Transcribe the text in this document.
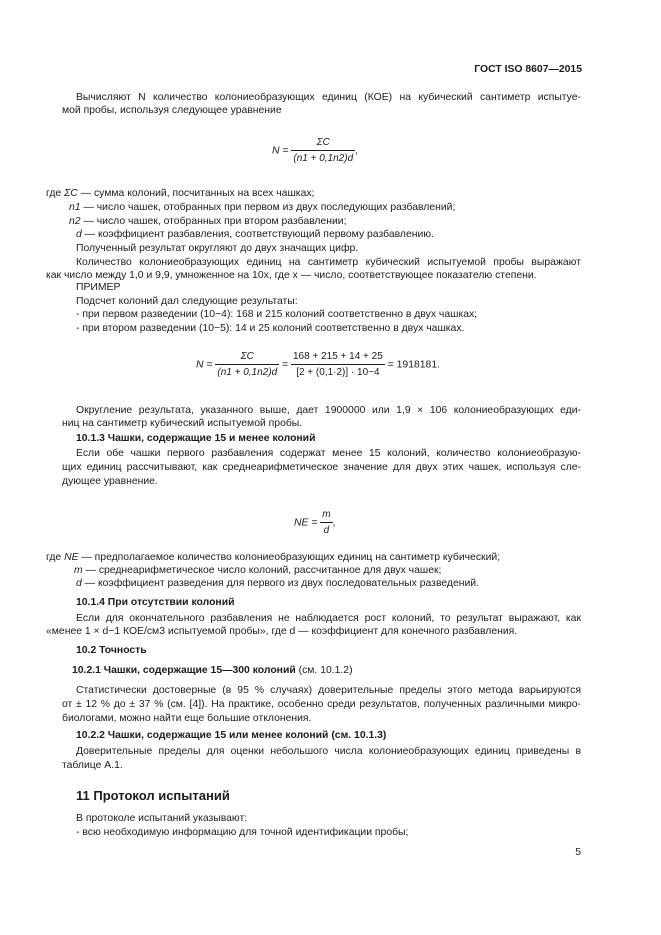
ГОСТ ISO 8607—2015
Вычисляют N количество колониеобразующих единиц (КОЕ) на кубический сантиметр испытуе-
мой пробы, используя следующее уравнение
$N = \frac{\Sigma C}{(n1 + 0,1n2)d}$ ,
где ΣC — сумма колоний, посчитанных на всех чашках;
n1 — число чашек, отобранных при первом из двух последующих разбавлений;
n2 — число чашек, отобранных при втором разбавлении;
d — коэффициент разбавления, соответствующий первому разбавлению.
Полученный результат округляют до двух значащих цифр.
Количество колониеобразующих единиц на сантиметр кубический испытуемой пробы выражают
как число между 1,0 и 9,9, умноженное на 10x, где x — число, соответствующее показателю степени.
ПРИМЕР
Подсчет колоний дал следующие результаты:
- при первом разведении (10−4): 168 и 215 колоний соответственно в двух чашках;
- при втором разведении (10−5): 14 и 25 колоний соответственно в двух чашках.
$N = \frac{\Sigma C}{(n1 + 0,1n2)d} = \frac{168 + 215 + 14 + 25}{[2 + (0,1\cdot 2)] \cdot 10-4} = 1918181$.
Округление результата, указанного выше, дает 1900000 или 1,9 × 106 колониеобразующих еди-
ниц на сантиметр кубический испытуемой пробы.
10.1.3 Чашки, содержащие 15 и менее колоний
Если обе чашки первого разбавления содержат менее 15 колоний, количество колониеобразую-
щих единиц рассчитывают, как среднеарифметическое значение для двух этих чашек, используя сле-
дующее уравнение.
NE = $\frac{m}{d}$ ,
где NE — предполагаемое количество колониеобразующих единиц на сантиметр кубический;
m — среднеарифметическое число колоний, рассчитанное для двух чашек;
d — коэффициент разведения для первого из двух последовательных разведений.
10.1.4 При отсутствии колоний
Если для окончательного разбавления не наблюдается рост колоний, то результат выражают, как
«менее 1 × d−1 КОЕ/см3 испытуемой пробы», где d — коэффициент для конечного разбавления.
10.2 Точность
10.2.1 Чашки, содержащие 15—300 колоний (см. 10.1.2)
Статистически достоверные (в 95 % случаях) доверительные пределы этого метода варьируются
от ± 12 % до ± 37 % (см. [4]). На практике, особенно среди результатов, полученных различными микро-
биологами, можно найти еще большие отклонения.
10.2.2 Чашки, содержащие 15 или менее колоний (см. 10.1.3)
Доверительные пределы для оценки небольшого числа колониеобразующих единиц приведены в
таблице А.1.
11 Протокол испытаний
В протоколе испытаний указывают:
- всю необходимую информацию для точной идентификации пробы;
5
